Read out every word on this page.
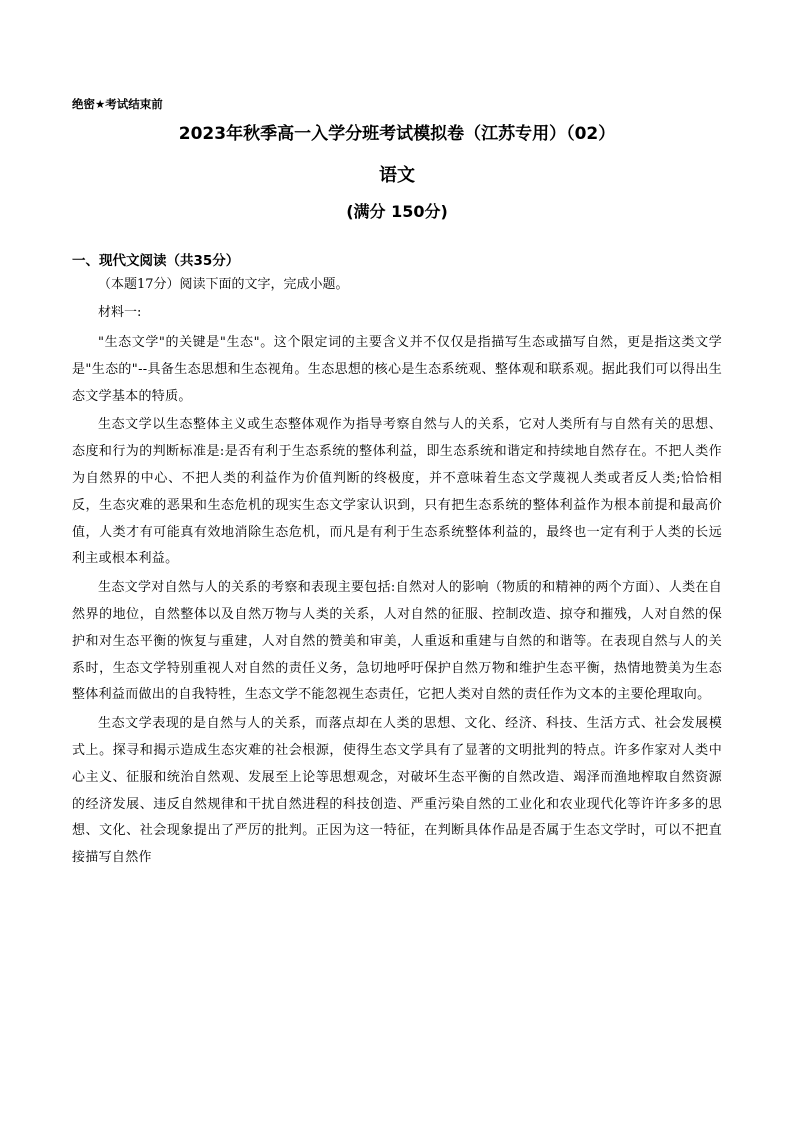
绝密★考试结束前

2023年秋季高一入学分班考试模拟卷（江苏专用）（02）

语文

(满分 150分)

一、现代文阅读（共35分）

（本题17分）阅读下面的文字，完成小题。

材料一:

"生态文学"的关键是"生态"。这个限定词的主要含义并不仅仅是指描写生态或描写自然，更是指这类文学是"生态的"--具备生态思想和生态视角。生态思想的核心是生态系统观、整体观和联系观。据此我们可以得出生态文学基本的特质。

生态文学以生态整体主义或生态整体观作为指导考察自然与人的关系，它对人类所有与自然有关的思想、态度和行为的判断标准是:是否有利于生态系统的整体利益，即生态系统和谐定和持续地自然存在。不把人类作为自然界的中心、不把人类的利益作为价值判断的终极度，并不意味着生态文学蔑视人类或者反人类;恰恰相反，生态灾难的恶果和生态危机的现实生态文学家认识到，只有把生态系统的整体利益作为根本前提和最高价值，人类才有可能真有效地消除生态危机，而凡是有利于生态系统整体利益的，最终也一定有利于人类的长远利主或根本利益。

生态文学对自然与人的关系的考察和表现主要包括:自然对人的影响（物质的和精神的两个方面）、人类在自然界的地位，自然整体以及自然万物与人类的关系，人对自然的征服、控制改造、掠夺和摧残，人对自然的保护和对生态平衡的恢复与重建，人对自然的赞美和审美，人重返和重建与自然的和谐等。在表现自然与人的关系时，生态文学特别重视人对自然的责任义务，急切地呼吁保护自然万物和维护生态平衡，热情地赞美为生态整体利益而做出的自我特牲，生态文学不能忽视生态责任，它把人类对自然的责任作为文本的主要伦理取向。

生态文学表现的是自然与人的关系，而落点却在人类的思想、文化、经济、科技、生活方式、社会发展模式上。探寻和揭示造成生态灾难的社会根源，使得生态文学具有了显著的文明批判的特点。许多作家对人类中心主义、征服和统治自然观、发展至上论等思想观念，对破坏生态平衡的自然改造、竭泽而渔地榨取自然资源的经济发展、违反自然规律和干扰自然进程的科技创造、严重污染自然的工业化和农业现代化等许许多多的思想、文化、社会现象提出了严厉的批判。正因为这一特征，在判断具体作品是否属于生态文学时，可以不把直接描写自然作
